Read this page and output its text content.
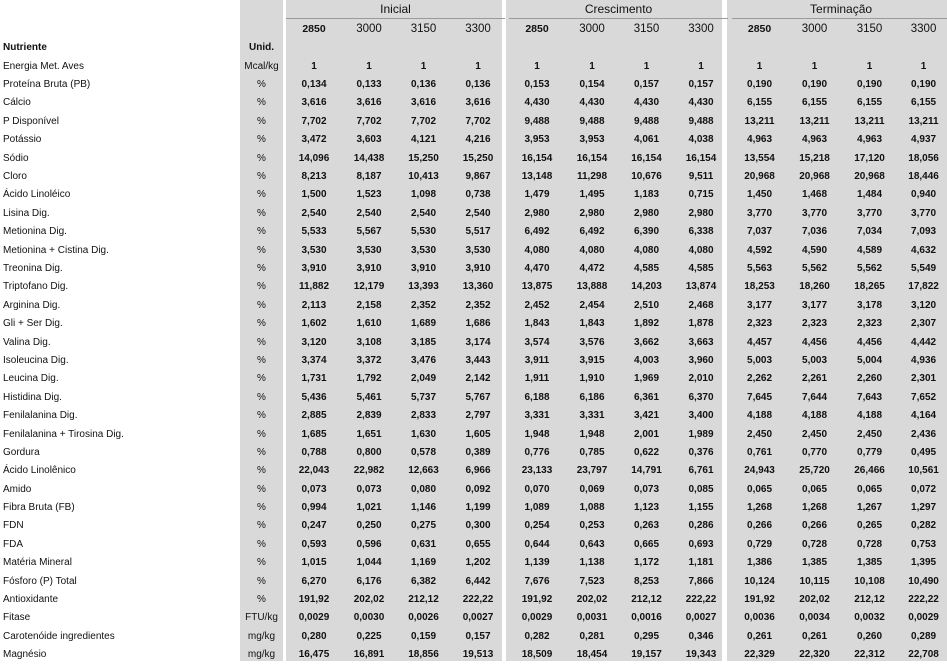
			Inicial					Crescimento					Terminação			
			2850	3000	3150	3300		2850	3000	3150	3300		2850	3000	3150	3300
Nutriente	Unid.															
Energia Met. Aves	Mcal/kg		1	1	1	1		1	1	1	1		1	1	1	1
Proteína Bruta (PB)	%		0,134	0,133	0,136	0,136		0,153	0,154	0,157	0,157		0,190	0,190	0,190	0,190
Cálcio	%		3,616	3,616	3,616	3,616		4,430	4,430	4,430	4,430		6,155	6,155	6,155	6,155
P Disponível	%		7,702	7,702	7,702	7,702		9,488	9,488	9,488	9,488		13,211	13,211	13,211	13,211
Potássio	%		3,472	3,603	4,121	4,216		3,953	3,953	4,061	4,038		4,963	4,963	4,963	4,937
Sódio	%		14,096	14,438	15,250	15,250		16,154	16,154	16,154	16,154		13,554	15,218	17,120	18,056
Cloro	%		8,213	8,187	10,413	9,867		13,148	11,298	10,676	9,511		20,968	20,968	20,968	18,446
Ácido Linoléico	%		1,500	1,523	1,098	0,738		1,479	1,495	1,183	0,715		1,450	1,468	1,484	0,940
Lisina Dig.	%		2,540	2,540	2,540	2,540		2,980	2,980	2,980	2,980		3,770	3,770	3,770	3,770
Metionina Dig.	%		5,533	5,567	5,530	5,517		6,492	6,492	6,390	6,338		7,037	7,036	7,034	7,093
Metionina + Cistina Dig.	%		3,530	3,530	3,530	3,530		4,080	4,080	4,080	4,080		4,592	4,590	4,589	4,632
Treonina Dig.	%		3,910	3,910	3,910	3,910		4,470	4,472	4,585	4,585		5,563	5,562	5,562	5,549
Triptofano Dig.	%		11,882	12,179	13,393	13,360		13,875	13,888	14,203	13,874		18,253	18,260	18,265	17,822
Arginina Dig.	%		2,113	2,158	2,352	2,352		2,452	2,454	2,510	2,468		3,177	3,177	3,178	3,120
Gli + Ser Dig.	%		1,602	1,610	1,689	1,686		1,843	1,843	1,892	1,878		2,323	2,323	2,323	2,307
Valina Dig.	%		3,120	3,108	3,185	3,174		3,574	3,576	3,662	3,663		4,457	4,456	4,456	4,442
Isoleucina Dig.	%		3,374	3,372	3,476	3,443		3,911	3,915	4,003	3,960		5,003	5,003	5,004	4,936
Leucina Dig.	%		1,731	1,792	2,049	2,142		1,911	1,910	1,969	2,010		2,262	2,261	2,260	2,301
Histidina Dig.	%		5,436	5,461	5,737	5,767		6,188	6,186	6,361	6,370		7,645	7,644	7,643	7,652
Fenilalanina Dig.	%		2,885	2,839	2,833	2,797		3,331	3,331	3,421	3,400		4,188	4,188	4,188	4,164
Fenilalanina + Tirosina Dig.	%		1,685	1,651	1,630	1,605		1,948	1,948	2,001	1,989		2,450	2,450	2,450	2,436
Gordura	%		0,788	0,800	0,578	0,389		0,776	0,785	0,622	0,376		0,761	0,770	0,779	0,495
Ácido Linolênico	%		22,043	22,982	12,663	6,966		23,133	23,797	14,791	6,761		24,943	25,720	26,466	10,561
Amido	%		0,073	0,073	0,080	0,092		0,070	0,069	0,073	0,085		0,065	0,065	0,065	0,072
Fibra Bruta (FB)	%		0,994	1,021	1,146	1,199		1,089	1,088	1,123	1,155		1,268	1,268	1,267	1,297
FDN	%		0,247	0,250	0,275	0,300		0,254	0,253	0,263	0,286		0,266	0,266	0,265	0,282
FDA	%		0,593	0,596	0,631	0,655		0,644	0,643	0,665	0,693		0,729	0,728	0,728	0,753
Matéria Mineral	%		1,015	1,044	1,169	1,202		1,139	1,138	1,172	1,181		1,386	1,385	1,385	1,395
Fósforo (P) Total	%		6,270	6,176	6,382	6,442		7,676	7,523	8,253	7,866		10,124	10,115	10,108	10,490
Antioxidante	%		191,92	202,02	212,12	222,22		191,92	202,02	212,12	222,22		191,92	202,02	212,12	222,22
Fitase	FTU/kg		0,0029	0,0030	0,0026	0,0027		0,0029	0,0031	0,0016	0,0027		0,0036	0,0034	0,0032	0,0029
Carotenóide ingredientes	mg/kg		0,280	0,225	0,159	0,157		0,282	0,281	0,295	0,346		0,261	0,261	0,260	0,289
Magnésio	mg/kg		16,475	16,891	18,856	19,513		18,509	18,454	19,157	19,343		22,329	22,320	22,312	22,708
